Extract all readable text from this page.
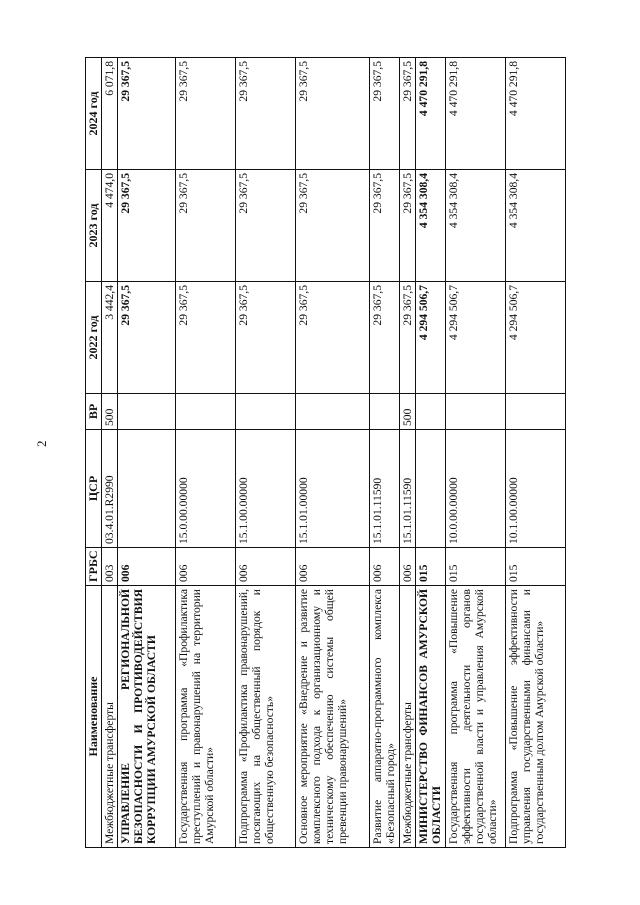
2
Наименование	ГРБС	ЦСР	ВР	2022 год	2023 год	2024 год
Межбюджетные трансферты	003	03.4.01.R2990	500	3 442,4	4 474,0	6 071,8
УПРАВЛЕНИЕ РЕГИОНАЛЬНОЙ БЕЗОПАСНОСТИ И ПРОТИВОДЕЙСТВИЯ КОРРУПЦИИ АМУРСКОЙ ОБЛАСТИ	006			29 367,5	29 367,5	29 367,5
Государственная программа «Профилактика преступлений и правонарушений на территории Амурской области»	006	15.0.00.00000		29 367,5	29 367,5	29 367,5
Подпрограмма «Профилактика правонарушений, посягающих на общественный порядок и общественную безопасность»	006	15.1.00.00000		29 367,5	29 367,5	29 367,5
Основное мероприятие «Внедрение и развитие комплексного подхода к организационному и техническому обеспечению системы общей превенции правонарушений»	006	15.1.01.00000		29 367,5	29 367,5	29 367,5
Развитие аппаратно-программного комплекса «Безопасный город»	006	15.1.01.11590		29 367,5	29 367,5	29 367,5
Межбюджетные трансферты	006	15.1.01.11590	500	29 367,5	29 367,5	29 367,5
МИНИСТЕРСТВО ФИНАНСОВ АМУРСКОЙ ОБЛАСТИ	015			4 294 506,7	4 354 308,4	4 470 291,8
Государственная программа «Повышение эффективности деятельности органов государственной власти и управления Амурской области»	015	10.0.00.00000		4 294 506,7	4 354 308,4	4 470 291,8
Подпрограмма «Повышение эффективности управления государственными финансами и государственным долгом Амурской области»	015	10.1.00.00000		4 294 506,7	4 354 308,4	4 470 291,8
